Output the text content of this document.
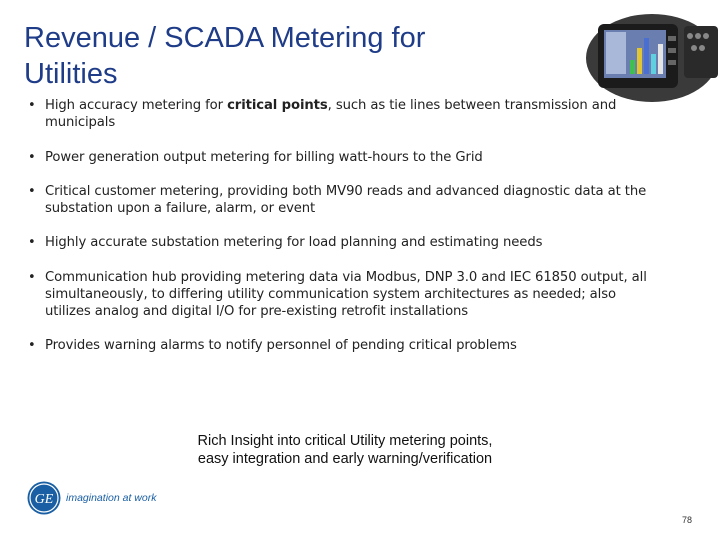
Revenue / SCADA Metering for
Utilities
• High accuracy metering for critical points, such as tie lines between transmission and municipals
• Power generation output metering for billing watt-hours to the Grid
• Critical customer metering, providing both MV90 reads and advanced diagnostic data at the substation upon a failure, alarm, or event
• Highly accurate substation metering for load planning and estimating needs
• Communication hub providing metering data via Modbus, DNP 3.0 and IEC 61850 output, all simultaneously, to differing utility communication system architectures as needed; also utilizes analog and digital I/O for pre-existing retrofit installations
• Provides warning alarms to notify personnel of pending critical problems
Rich Insight into critical Utility metering points,
easy integration and early warning/verification
GE imagination at work
78
